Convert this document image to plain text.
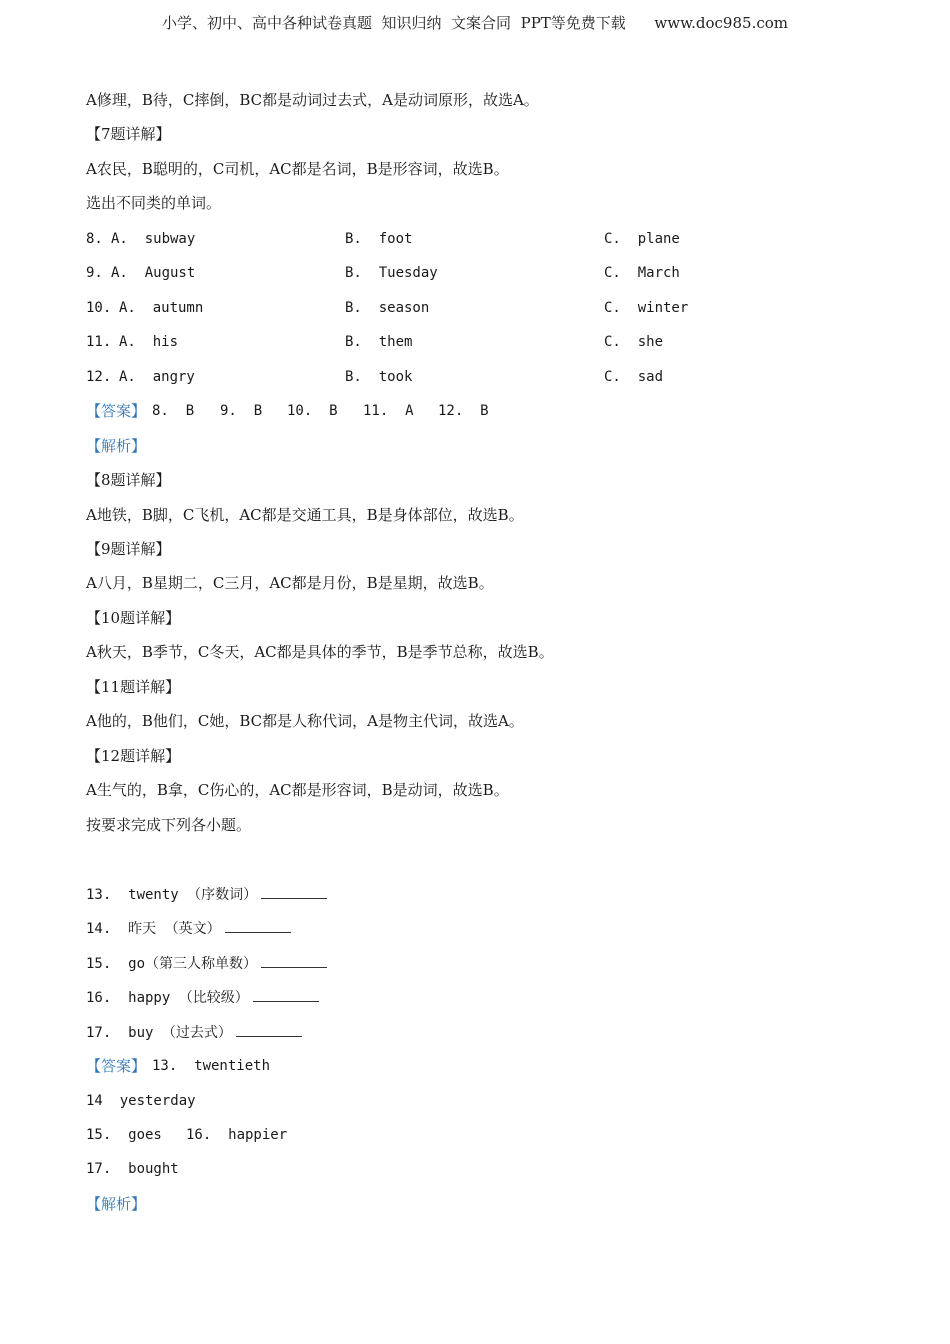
小学、初中、高中各种试卷真题  知识归纳  文案合同  PPT等免费下载      www.doc985.com
A修理，B待，C摔倒，BC都是动词过去式，A是动词原形，故选A。
【7题详解】
A农民，B聪明的，C司机，AC都是名词，B是形容词，故选B。
选出不同类的单词。
8. A.  subway	B.  foot	C.  plane
9. A.  August	B.  Tuesday	C.  March
10. A.  autumn	B.  season	C.  winter
11. A.  his	B.  them	C.  she
12. A.  angry	B.  took	C.  sad
【答案】 8.  B 9.  B 10.  B 11.  A 12.  B
【解析】
【8题详解】
A地铁，B脚，C飞机，AC都是交通工具，B是身体部位，故选B。
【9题详解】
A八月，B星期二，C三月，AC都是月份，B是星期，故选B。
【10题详解】
A秋天，B季节，C冬天，AC都是具体的季节，B是季节总称，故选B。
【11题详解】
A他的，B他们，C她，BC都是人称代词，A是物主代词，故选A。
【12题详解】
A生气的，B拿，C伤心的，AC都是形容词，B是动词，故选B。
按要求完成下列各小题。
13.  twenty （序数词）
14.  昨天 （英文）
15.  go（第三人称单数）
16.  happy （比较级）
17.  buy （过去式）
【答案】 13.  twentieth
14  yesterday
15.  goes 16.  happier
17.  bought
【解析】
